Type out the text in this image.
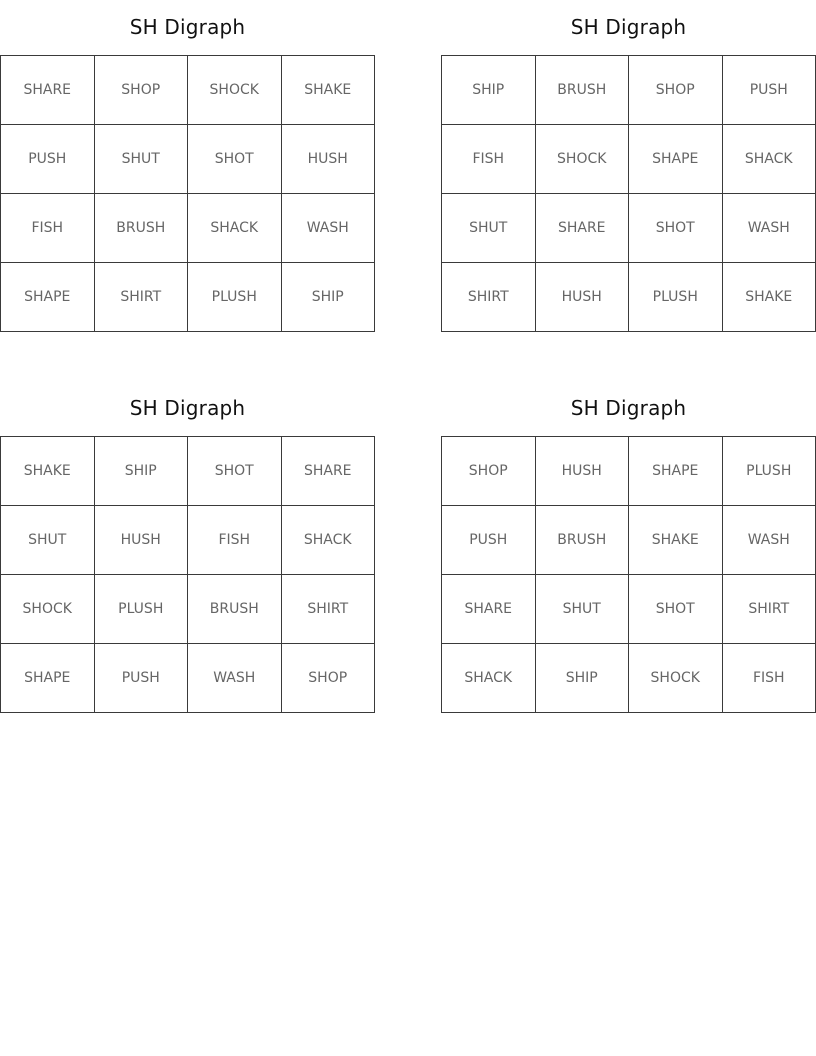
SH Digraph
SHARE	SHOP	SHOCK	SHAKE
PUSH	SHUT	SHOT	HUSH
FISH	BRUSH	SHACK	WASH
SHAPE	SHIRT	PLUSH	SHIP
SH Digraph
SHIP	BRUSH	SHOP	PUSH
FISH	SHOCK	SHAPE	SHACK
SHUT	SHARE	SHOT	WASH
SHIRT	HUSH	PLUSH	SHAKE
SH Digraph
SHAKE	SHIP	SHOT	SHARE
SHUT	HUSH	FISH	SHACK
SHOCK	PLUSH	BRUSH	SHIRT
SHAPE	PUSH	WASH	SHOP
SH Digraph
SHOP	HUSH	SHAPE	PLUSH
PUSH	BRUSH	SHAKE	WASH
SHARE	SHUT	SHOT	SHIRT
SHACK	SHIP	SHOCK	FISH
